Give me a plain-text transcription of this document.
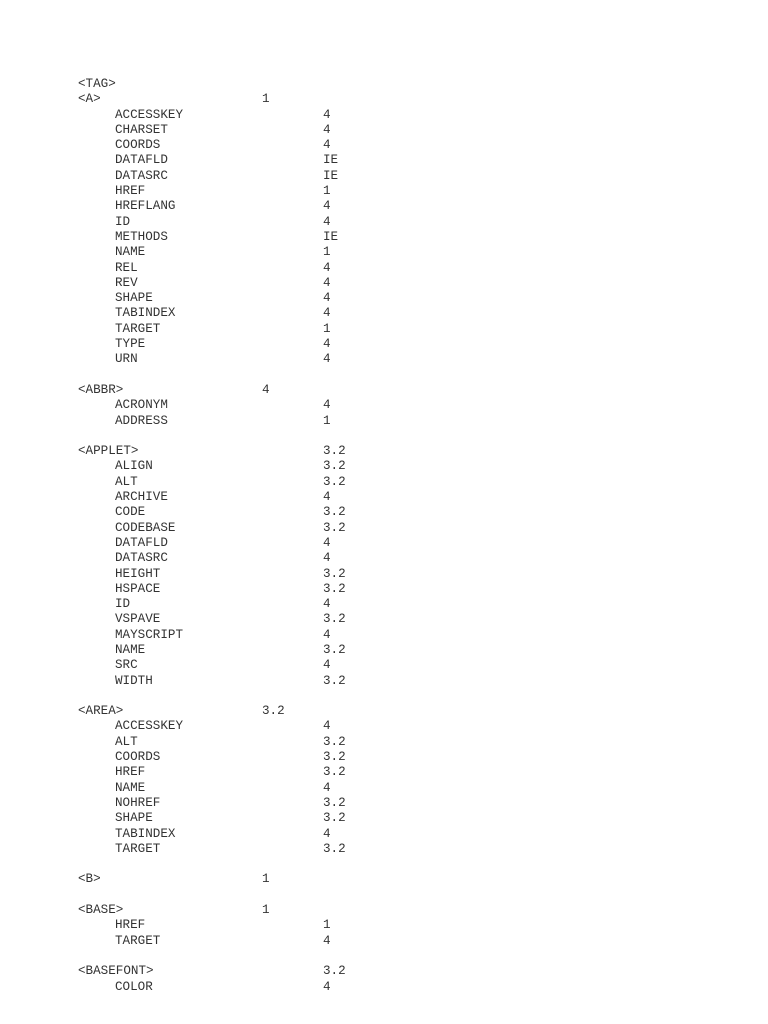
<TAG>

<A>	1
ACCESSKEY	4
CHARSET	4
COORDS	4
DATAFLD	IE
DATASRC	IE
HREF	1
HREFLANG	4
ID	4
METHODS	IE
NAME	1
REL	4
REV	4
SHAPE	4
TABINDEX	4
TARGET	1
TYPE	4
URN	4
<ABBR>	4
ACRONYM	4
ADDRESS	1
<APPLET>	3.2
ALIGN	3.2
ALT	3.2
ARCHIVE	4
CODE	3.2
CODEBASE	3.2
DATAFLD	4
DATASRC	4
HEIGHT	3.2
HSPACE	3.2
ID	4
VSPAVE	3.2
MAYSCRIPT	4
NAME	3.2
SRC	4
WIDTH	3.2
<AREA>	3.2
ACCESSKEY	4
ALT	3.2
COORDS	3.2
HREF	3.2
NAME	4
NOHREF	3.2
SHAPE	3.2
TABINDEX	4
TARGET	3.2
<B>	1
<BASE>	1
HREF	1
TARGET	4
<BASEFONT>	3.2
COLOR	4
